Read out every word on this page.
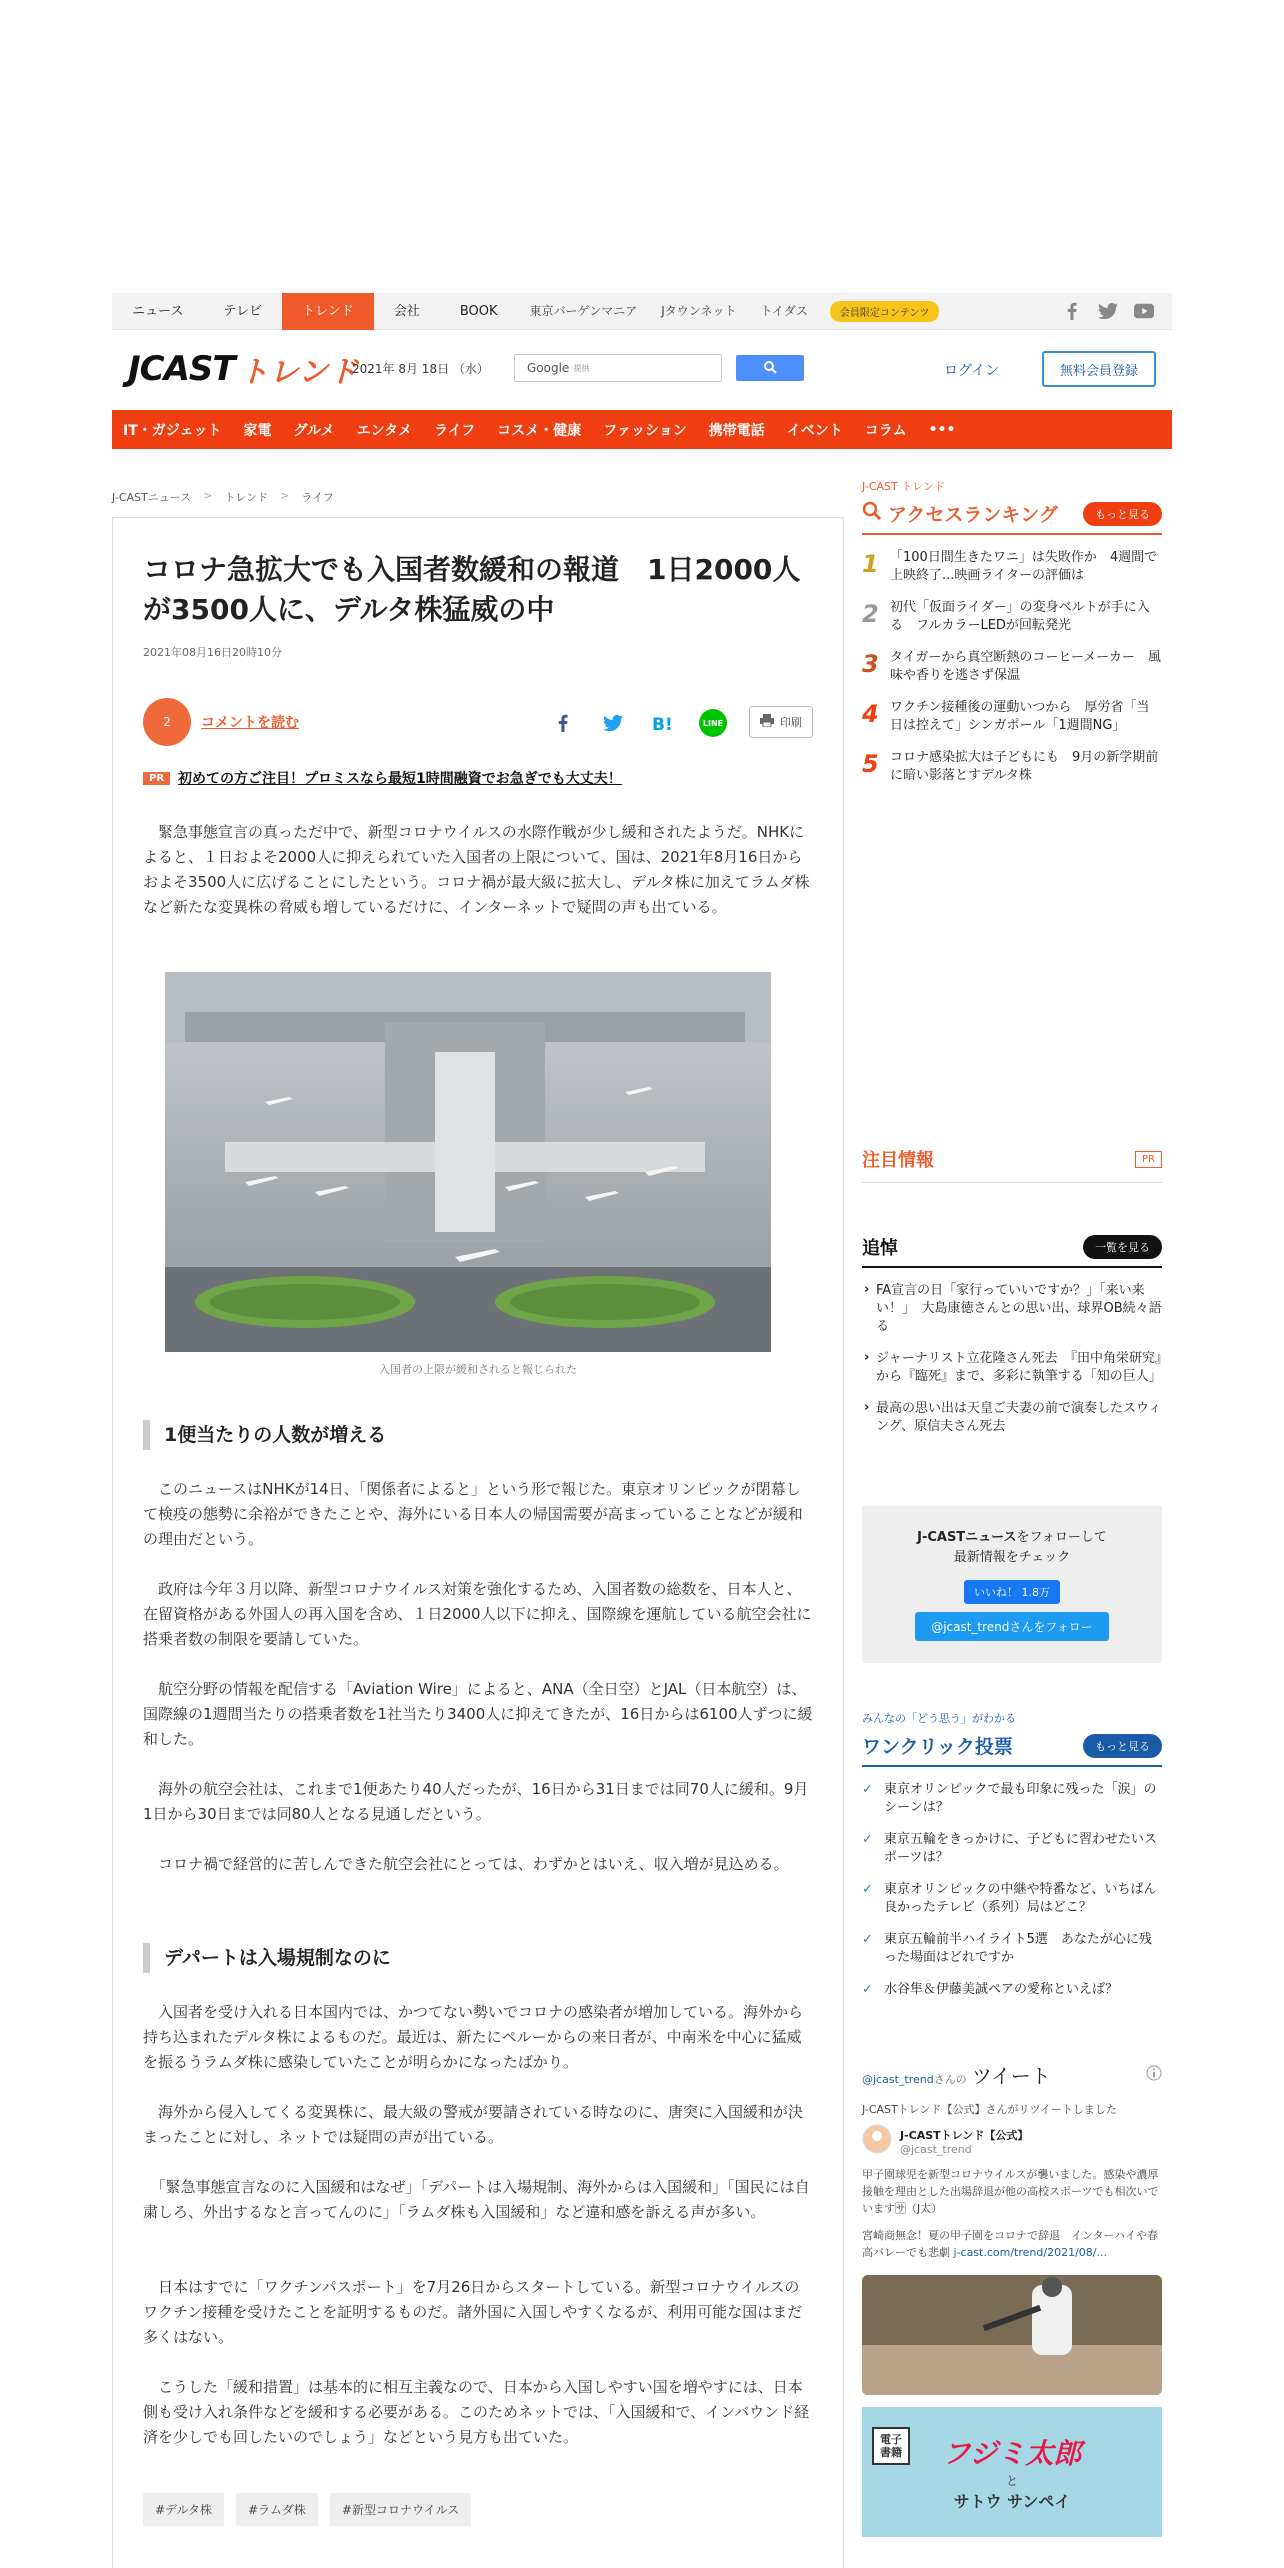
ニュース	テレビ	トレンド	会社	BOOK	東京バーゲンマニア	Jタウンネット	トイダス	会員限定コンテンツ
JCAST トレンド
2021年 8月 18日 （水）	Google 提供	ログイン	無料会員登録
IT・ガジェット	家電	グルメ	エンタメ	ライフ	コスメ・健康	ファッション	携帯電話	イベント	コラム	•••
J-CASTニュース > トレンド > ライフ
コロナ急拡大でも入国者数緩和の報道　1日2000人が3500人に、デルタ株猛威の中
2021年08月16日20時10分
2 コメントを読む	B!	LINE	印刷
PR	初めての方ご注目！プロミスなら最短1時間融資でお急ぎでも大丈夫！

　緊急事態宣言の真っただ中で、新型コロナウイルスの水際作戦が少し緩和されたようだ。NHKによると、１日およそ2000人に抑えられていた入国者の上限について、国は、2021年8月16日からおよそ3500人に広げることにしたという。コロナ禍が最大級に拡大し、デルタ株に加えてラムダ株など新たな変異株の脅威も増しているだけに、インターネットで疑問の声も出ている。

入国者の上限が緩和されると報じられた
1便当たりの人数が増える

　このニュースはNHKが14日、「関係者によると」という形で報じた。東京オリンピックが閉幕して検疫の態勢に余裕ができたことや、海外にいる日本人の帰国需要が高まっていることなどが緩和の理由だという。

　政府は今年３月以降、新型コロナウイルス対策を強化するため、入国者数の総数を、日本人と、在留資格がある外国人の再入国を含め、１日2000人以下に抑え、国際線を運航している航空会社に搭乗者数の制限を要請していた。

　航空分野の情報を配信する「Aviation Wire」によると、ANA（全日空）とJAL（日本航空）は、国際線の1週間当たりの搭乗者数を1社当たり3400人に抑えてきたが、16日からは6100人ずつに緩和した。

　海外の航空会社は、これまで1便あたり40人だったが、16日から31日までは同70人に緩和。9月1日から30日までは同80人となる見通しだという。

　コロナ禍で経営的に苦しんできた航空会社にとっては、わずかとはいえ、収入増が見込める。

デパートは入場規制なのに

　入国者を受け入れる日本国内では、かつてない勢いでコロナの感染者が増加している。海外から持ち込まれたデルタ株によるものだ。最近は、新たにペルーからの来日者が、中南米を中心に猛威を振るうラムダ株に感染していたことが明らかになったばかり。

　海外から侵入してくる変異株に、最大級の警戒が要請されている時なのに、唐突に入国緩和が決まったことに対し、ネットでは疑問の声が出ている。

　「緊急事態宣言なのに入国緩和はなぜ」「デパートは入場規制、海外からは入国緩和」「国民には自粛しろ、外出するなと言ってんのに」「ラムダ株も入国緩和」など違和感を訴える声が多い。

　日本はすでに「ワクチンパスポート」を7月26日からスタートしている。新型コロナウイルスのワクチン接種を受けたことを証明するものだ。諸外国に入国しやすくなるが、利用可能な国はまだ多くはない。

　こうした「緩和措置」は基本的に相互主義なので、日本から入国しやすい国を増やすには、日本側も受け入れ条件などを緩和する必要がある。このためネットでは、「入国緩和で、インバウンド経済を少しでも回したいのでしょう」などという見方も出ていた。

#デルタ株	#ラムダ株	#新型コロナウイルス
J-CAST トレンド
アクセスランキング	もっと見る
1 「100日間生きたワニ」は失敗作か　4週間で上映終了...映画ライターの評価は
2 初代「仮面ライダー」の変身ベルトが手に入る　フルカラーLEDが回転発光
3 タイガーから真空断熱のコーヒーメーカー　風味や香りを逃さず保温
4 ワクチン接種後の運動いつから　厚労省「当日は控えて」シンガポール「1週間NG」
5 コロナ感染拡大は子どもにも　9月の新学期前に暗い影落とすデルタ株
注目情報	PR
追悼	一覧を見る
› FA宣言の日「家行っていいですか？」「来い来い！」　大島康徳さんとの思い出、球界OB続々語る
› ジャーナリスト立花隆さん死去　『田中角栄研究』から『臨死』まで、多彩に執筆する「知の巨人」
› 最高の思い出は天皇ご夫妻の前で演奏したスウィング、原信夫さん死去
J-CASTニュースをフォローして
最新情報をチェック
いいね！ 1.8万
@jcast_trendさんをフォロー
みんなの「どう思う」がわかる
ワンクリック投票	もっと見る
✓ 東京オリンピックで最も印象に残った「涙」のシーンは？
✓ 東京五輪をきっかけに、子どもに習わせたいスポーツは？
✓ 東京オリンピックの中継や特番など、いちばん良かったテレビ（系列）局はどこ？
✓ 東京五輪前半ハイライト5選　あなたが心に残った場面はどれですか
✓ 水谷隼＆伊藤美誠ペアの愛称といえば？
@jcast_trendさんの ツイート
J-CASTトレンド【公式】さんがリツイートしました
J-CASTトレンド【公式】
@jcast_trend
甲子園球児を新型コロナウイルスが襲いました。感染や濃厚接触を理由とした出場辞退が他の高校スポーツでも相次いでいます🈂（J太）
宮崎商無念！夏の甲子園をコロナで辞退　インターハイや春高バレーでも悲劇 j-cast.com/trend/2021/08/...
電子書籍 フジミ太郎
と
サトウ サンペイ
